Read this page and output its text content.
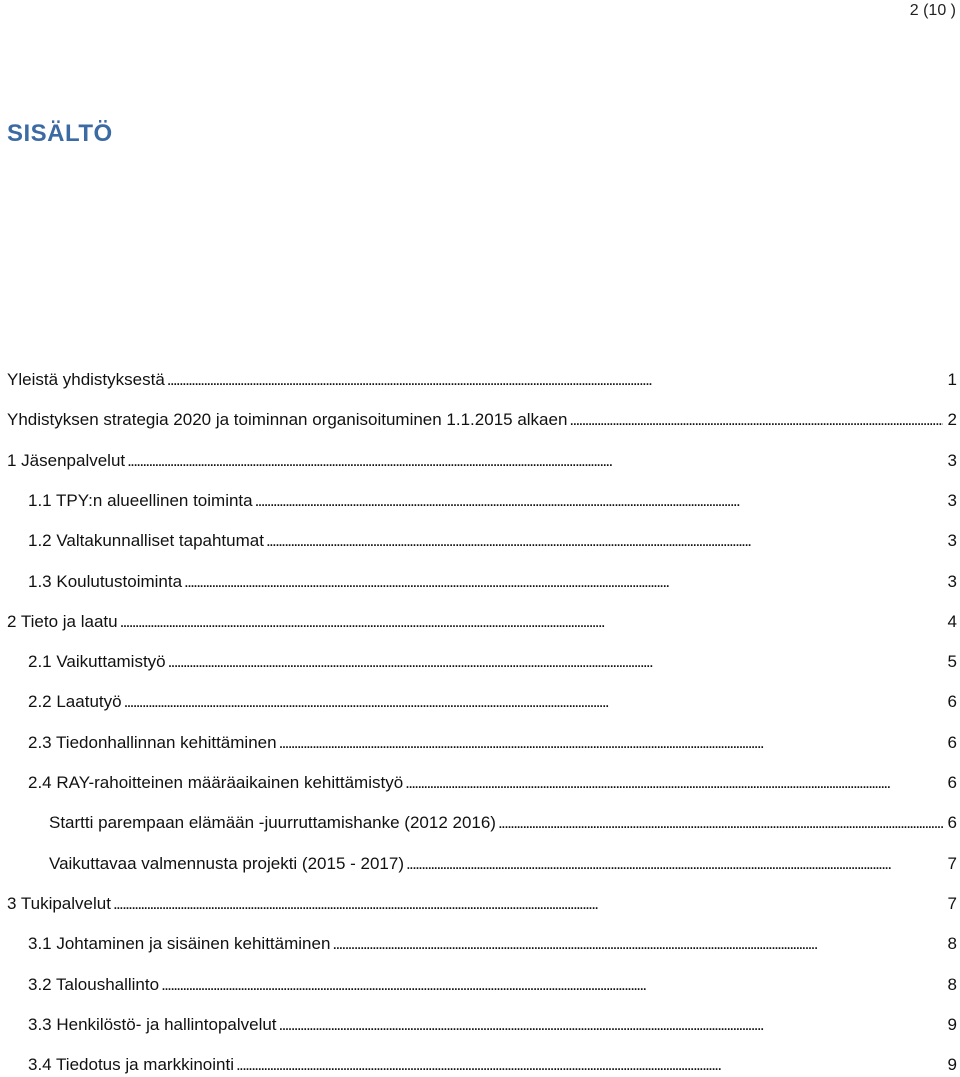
2 (10 )
SISÄLTÖ
Yleistä yhdistyksestä . . .	1
Yhdistyksen strategia 2020 ja toiminnan organisoituminen 1.1.2015 alkaen . . .	2
1 Jäsenpalvelut . . .	3
1.1 TPY:n alueellinen toiminta . . .	3
1.2 Valtakunnalliset tapahtumat . . .	3
1.3 Koulutustoiminta . . .	3
2 Tieto ja laatu . . .	4
2.1 Vaikuttamistyö . . .	5
2.2 Laatutyö . . .	6
2.3 Tiedonhallinnan kehittäminen . . .	6
2.4 RAY-rahoitteinen määräaikainen kehittämistyö . . .	6
Startti parempaan elämään -juurruttamishanke (2012 2016) . . .	6
Vaikuttavaa valmennusta projekti (2015 - 2017) . . .	7
3 Tukipalvelut . . .	7
3.1 Johtaminen ja sisäinen kehittäminen . . .	8
3.2 Taloushallinto . . .	8
3.3 Henkilöstö- ja hallintopalvelut . . .	9
3.4 Tiedotus ja markkinointi . . .	9
